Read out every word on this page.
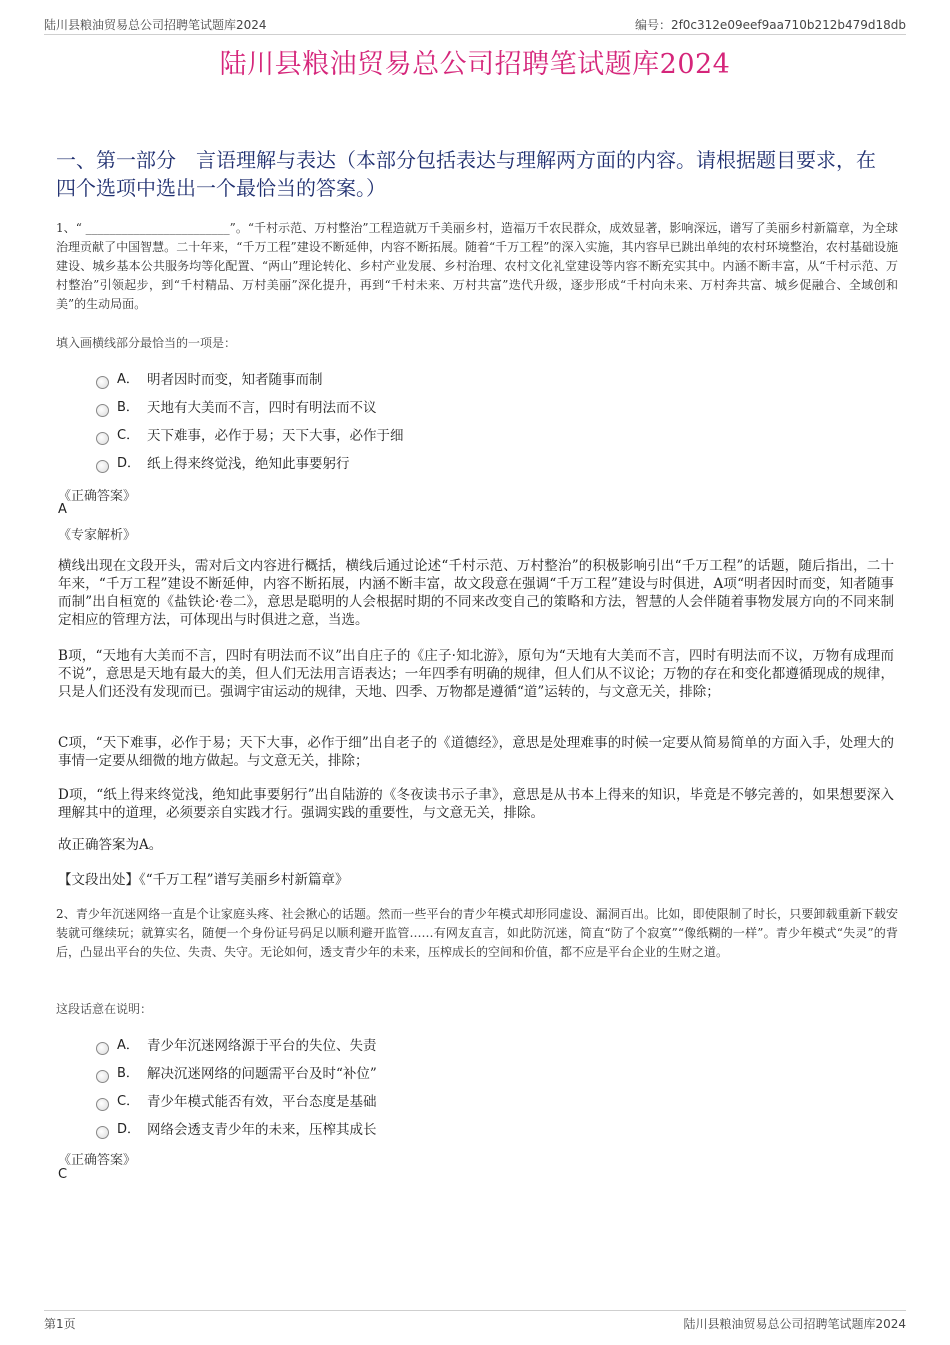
陆川县粮油贸易总公司招聘笔试题库2024	编号：2f0c312e09eef9aa710b212b479d18db
陆川县粮油贸易总公司招聘笔试题库2024
一、第一部分　言语理解与表达（本部分包括表达与理解两方面的内容。请根据题目要求，在四个选项中选出一个最恰当的答案。）
1、“ ________________________”。“千村示范、万村整治”工程造就万千美丽乡村，造福万千农民群众，成效显著，影响深远，谱写了美丽乡村新篇章，为全球治理贡献了中国智慧。二十年来，“千万工程”建设不断延伸，内容不断拓展。随着“千万工程”的深入实施，其内容早已跳出单纯的农村环境整治，农村基础设施建设、城乡基本公共服务均等化配置、“两山”理论转化、乡村产业发展、乡村治理、农村文化礼堂建设等内容不断充实其中。内涵不断丰富，从“千村示范、万村整治”引领起步，到“千村精品、万村美丽”深化提升，再到“千村未来、万村共富”迭代升级，逐步形成“千村向未来、万村奔共富、城乡促融合、全域创和美”的生动局面。
填入画横线部分最恰当的一项是：
A． 明者因时而变，知者随事而制
B． 天地有大美而不言，四时有明法而不议
C． 天下难事，必作于易；天下大事，必作于细
D． 纸上得来终觉浅，绝知此事要躬行
《正确答案》
A
《专家解析》
横线出现在文段开头，需对后文内容进行概括，横线后通过论述“千村示范、万村整治”的积极影响引出“千万工程”的话题，随后指出，二十年来，“千万工程”建设不断延伸，内容不断拓展，内涵不断丰富，故文段意在强调“千万工程”建设与时俱进，A项“明者因时而变，知者随事而制”出自桓宽的《盐铁论·卷二》，意思是聪明的人会根据时期的不同来改变自己的策略和方法，智慧的人会伴随着事物发展方向的不同来制定相应的管理方法，可体现出与时俱进之意，当选。
B项，“天地有大美而不言，四时有明法而不议”出自庄子的《庄子·知北游》，原句为“天地有大美而不言，四时有明法而不议，万物有成理而不说”，意思是天地有最大的美，但人们无法用言语表达；一年四季有明确的规律，但人们从不议论；万物的存在和变化都遵循现成的规律，只是人们还没有发现而已。强调宇宙运动的规律，天地、四季、万物都是遵循“道”运转的，与文意无关，排除；
C项，“天下难事，必作于易；天下大事，必作于细”出自老子的《道德经》，意思是处理难事的时候一定要从简易简单的方面入手，处理大的事情一定要从细微的地方做起。与文意无关，排除；
D项，“纸上得来终觉浅，绝知此事要躬行”出自陆游的《冬夜读书示子聿》，意思是从书本上得来的知识，毕竟是不够完善的，如果想要深入理解其中的道理，必须要亲自实践才行。强调实践的重要性，与文意无关，排除。
故正确答案为A。
【文段出处】《“千万工程”谱写美丽乡村新篇章》
2、青少年沉迷网络一直是个让家庭头疼、社会揪心的话题。然而一些平台的青少年模式却形同虚设、漏洞百出。比如，即使限制了时长，只要卸载重新下载安装就可继续玩；就算实名，随便一个身份证号码足以顺利避开监管……有网友直言，如此防沉迷，简直“防了个寂寞”“像纸糊的一样”。青少年模式“失灵”的背后，凸显出平台的失位、失责、失守。无论如何，透支青少年的未来，压榨成长的空间和价值，都不应是平台企业的生财之道。
这段话意在说明：
A． 青少年沉迷网络源于平台的失位、失责
B． 解决沉迷网络的问题需平台及时“补位”
C． 青少年模式能否有效，平台态度是基础
D． 网络会透支青少年的未来，压榨其成长
《正确答案》
C
第1页	陆川县粮油贸易总公司招聘笔试题库2024
